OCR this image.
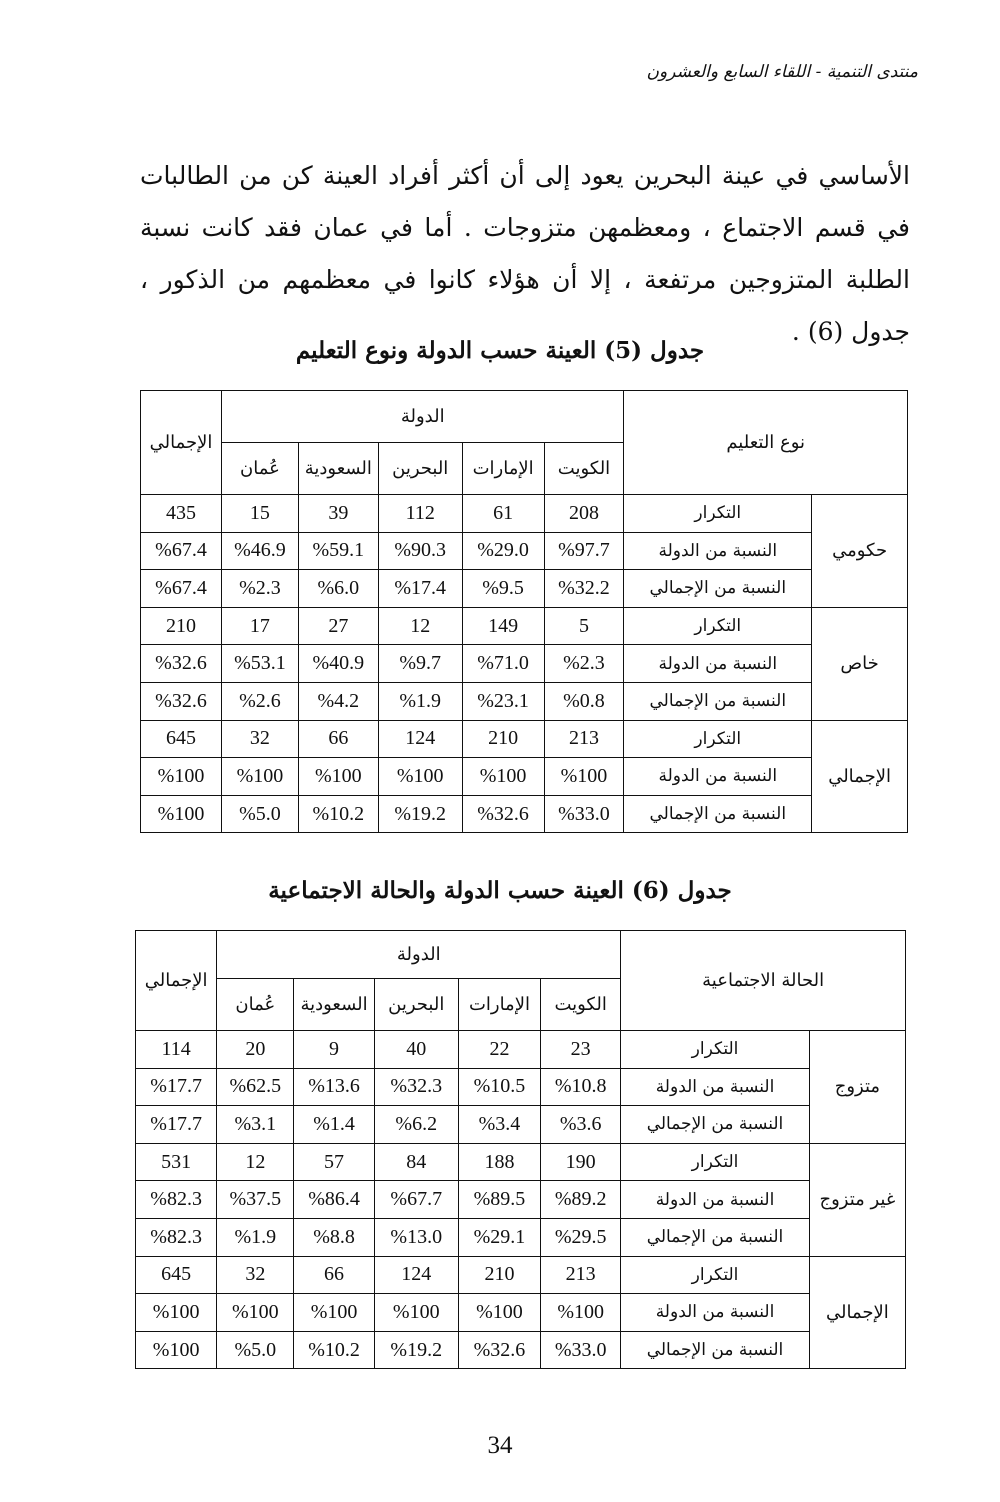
منتدى التنمية - اللقاء السابع والعشرون
الأساسي في عينة البحرين يعود إلى أن أكثر أفراد العينة كن من الطالبات في قسم الاجتماع ، ومعظمهن متزوجات . أما في عمان فقد كانت نسبة الطلبة المتزوجين مرتفعة ، إلا أن هؤلاء كانوا في معظمهم من الذكور ، جدول (6) .
جدول (5) العينة حسب الدولة ونوع التعليم
نوع التعليم		الدولة					الإجمالي
		الكويت	الإمارات	البحرين	السعودية	عُمان	
حكومي	التكرار	208	61	112	39	15	435
	النسبة من الدولة	%97.7	%29.0	%90.3	%59.1	%46.9	%67.4
	النسبة من الإجمالي	%32.2	%9.5	%17.4	%6.0	%2.3	%67.4
خاص	التكرار	5	149	12	27	17	210
	النسبة من الدولة	%2.3	%71.0	%9.7	%40.9	%53.1	%32.6
	النسبة من الإجمالي	%0.8	%23.1	%1.9	%4.2	%2.6	%32.6
الإجمالي	التكرار	213	210	124	66	32	645
	النسبة من الدولة	%100	%100	%100	%100	%100	%100
	النسبة من الإجمالي	%33.0	%32.6	%19.2	%10.2	%5.0	%100
جدول (6) العينة حسب الدولة والحالة الاجتماعية
الحالة الاجتماعية		الدولة					الإجمالي
		الكويت	الإمارات	البحرين	السعودية	عُمان	
متزوج	التكرار	23	22	40	9	20	114
	النسبة من الدولة	%10.8	%10.5	%32.3	%13.6	%62.5	%17.7
	النسبة من الإجمالي	%3.6	%3.4	%6.2	%1.4	%3.1	%17.7
غير متزوج	التكرار	190	188	84	57	12	531
	النسبة من الدولة	%89.2	%89.5	%67.7	%86.4	%37.5	%82.3
	النسبة من الإجمالي	%29.5	%29.1	%13.0	%8.8	%1.9	%82.3
الإجمالي	التكرار	213	210	124	66	32	645
	النسبة من الدولة	%100	%100	%100	%100	%100	%100
	النسبة من الإجمالي	%33.0	%32.6	%19.2	%10.2	%5.0	%100
34
